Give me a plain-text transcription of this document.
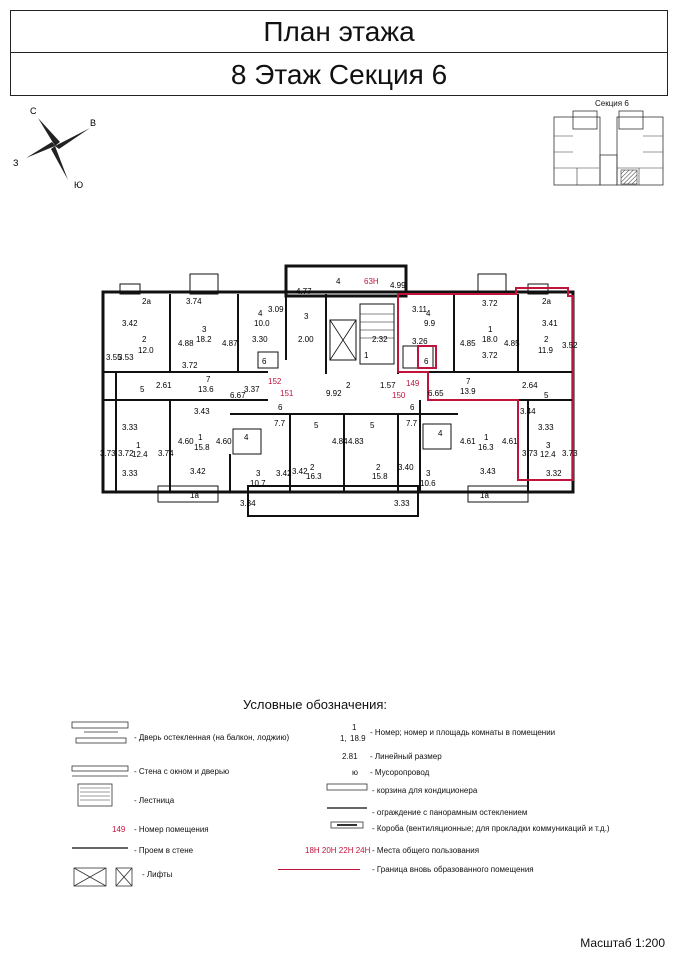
План этажа
8 Этаж Секция 6
С
В
З
Ю
Секция 6
2а
3.42
2
12.0
3.55
3.53
3.74
3
18.2
4.88	4.87
3.09
4
10.0
3.30
4.77
3
2.00
4	63Н 4.99
2.32
1
3.11 4
9.9
3.26
6
3.72
1
18.0
4.85	4.85
3.72
2а
3.41
2
11.9
3.52
5 2.61
3.72
7
13.6
6.67
6
152
151
3.37	9.92
2	1.57
150
149
6.65
7
13.9
2.64
5
3.43	6
7.7	5	5
6
7.7
3.44
3.33
3.73 3.72
1
12.4 3.74
4.60 1
15.8
4.60 4	4.84 4.83
4
4.61 1
16.3
4.61
3.33
3.73
3
12.4 3.73
3.33	3.42	3
10.7
3.42
2
16.3
3.42	2
15.8
3.40
3
10.6
3.43	3.32
1а
3.34	3.33
1а
Условные обозначения:
- Дверь остекленная (на балкон, лоджию)
- Стена с окном и дверью
- Лестница
149 - Номер помещения
- Проем в стене
- Лифты
1
1, 18.9
- Номер; номер и площадь комнаты в помещении
2.81 - Линейный размер
ю - Мусоропровод
- корзина для кондиционера
- ограждение с панорамным остеклением
- Короба (вентиляционные; для прокладки коммуникаций и т.д.)
18Н 20Н 22Н 24Н - Места общего пользования
- Граница вновь образованного помещения
Масштаб 1:200
